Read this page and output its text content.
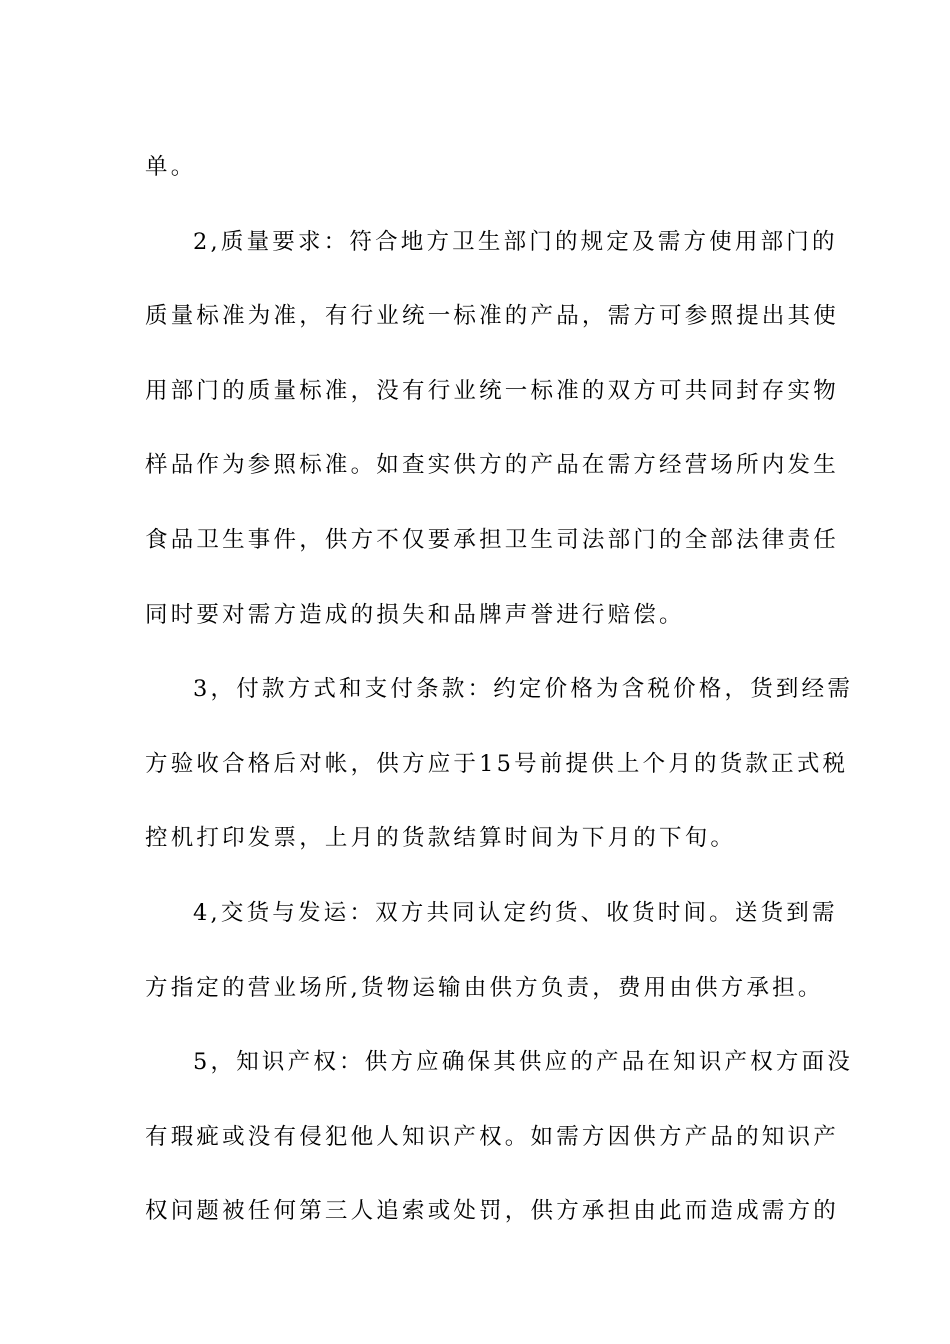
单。

2,质量要求：符合地方卫生部门的规定及需方使用部门的
质量标准为准，有行业统一标准的产品，需方可参照提出其使
用部门的质量标准，没有行业统一标准的双方可共同封存实物
样品作为参照标准。如查实供方的产品在需方经营场所内发生
食品卫生事件，供方不仅要承担卫生司法部门的全部法律责任
同时要对需方造成的损失和品牌声誉进行赔偿。

3，付款方式和支付条款：约定价格为含税价格，货到经需
方验收合格后对帐，供方应于15号前提供上个月的货款正式税
控机打印发票，上月的货款结算时间为下月的下旬。

4,交货与发运：双方共同认定约货、收货时间。送货到需
方指定的营业场所,货物运输由供方负责，费用由供方承担。

5，知识产权：供方应确保其供应的产品在知识产权方面没
有瑕疵或没有侵犯他人知识产权。如需方因供方产品的知识产
权问题被任何第三人追索或处罚，供方承担由此而造成需方的
